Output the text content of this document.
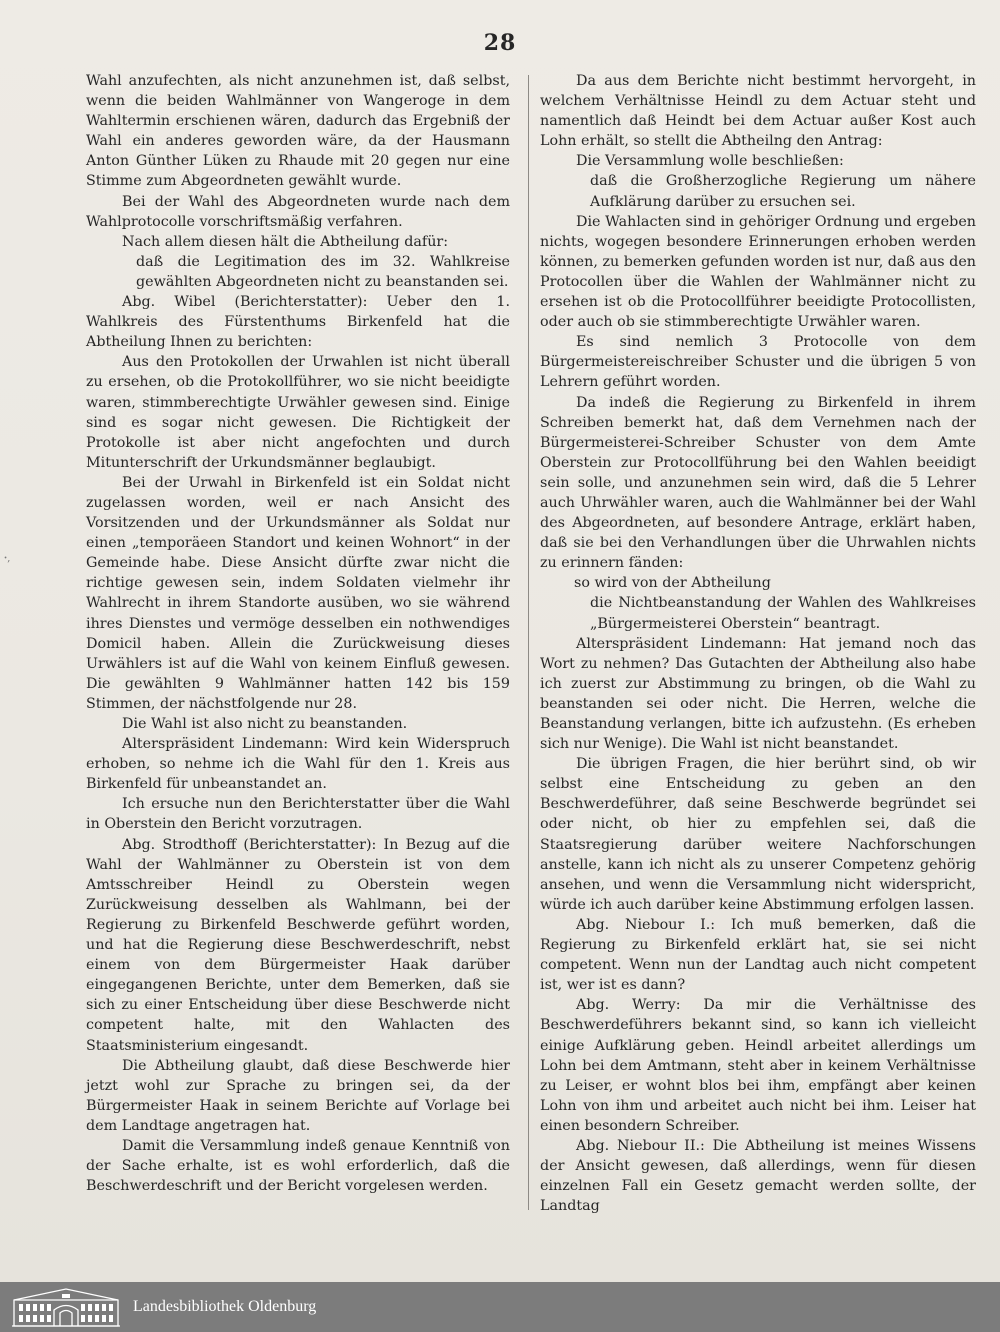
28

Wahl anzufechten, als nicht anzunehmen ist, daß selbst, wenn die beiden Wahlmänner von Wangeroge in dem Wahltermin erschienen wären, dadurch das Ergebniß der Wahl ein anderes geworden wäre, da der Hausmann Anton Günther Lüken zu Rhaude mit 20 gegen nur eine Stimme zum Abgeordneten gewählt wurde.

Bei der Wahl des Abgeordneten wurde nach dem Wahlprotocolle vorschriftsmäßig verfahren.

Nach allem diesen hält die Abtheilung dafür:

daß die Legitimation des im 32. Wahlkreise gewählten Abgeordneten nicht zu beanstanden sei.

Abg. Wibel (Berichterstatter): Ueber den 1. Wahlkreis des Fürstenthums Birkenfeld hat die Abtheilung Ihnen zu berichten:

Aus den Protokollen der Urwahlen ist nicht überall zu ersehen, ob die Protokollführer, wo sie nicht beeidigte waren, stimmberechtigte Urwähler gewesen sind. Einige sind es sogar nicht gewesen. Die Richtigkeit der Protokolle ist aber nicht angefochten und durch Mitunterschrift der Urkundsmänner beglaubigt.

Bei der Urwahl in Birkenfeld ist ein Soldat nicht zugelassen worden, weil er nach Ansicht des Vorsitzenden und der Urkundsmänner als Soldat nur einen „temporäeen Standort und keinen Wohnort“ in der Gemeinde habe. Diese Ansicht dürfte zwar nicht die richtige gewesen sein, indem Soldaten vielmehr ihr Wahlrecht in ihrem Standorte ausüben, wo sie während ihres Dienstes und vermöge desselben ein nothwendiges Domicil haben. Allein die Zurückweisung dieses Urwählers ist auf die Wahl von keinem Einfluß gewesen. Die gewählten 9 Wahlmänner hatten 142 bis 159 Stimmen, der nächstfolgende nur 28.

Die Wahl ist also nicht zu beanstanden.

Alterspräsident Lindemann: Wird kein Widerspruch erhoben, so nehme ich die Wahl für den 1. Kreis aus Birkenfeld für unbeanstandet an.

Ich ersuche nun den Berichterstatter über die Wahl in Oberstein den Bericht vorzutragen.

Abg. Strodthoff (Berichterstatter): In Bezug auf die Wahl der Wahlmänner zu Oberstein ist von dem Amtsschreiber Heindl zu Oberstein wegen Zurückweisung desselben als Wahlmann, bei der Regierung zu Birkenfeld Beschwerde geführt worden, und hat die Regierung diese Beschwerdeschrift, nebst einem von dem Bürgermeister Haak darüber eingegangenen Berichte, unter dem Bemerken, daß sie sich zu einer Entscheidung über diese Beschwerde nicht competent halte, mit den Wahlacten des Staatsministerium eingesandt.

Die Abtheilung glaubt, daß diese Beschwerde hier jetzt wohl zur Sprache zu bringen sei, da der Bürgermeister Haak in seinem Berichte auf Vorlage bei dem Landtage angetragen hat.

Damit die Versammlung indeß genaue Kenntniß von der Sache erhalte, ist es wohl erforderlich, daß die Beschwerdeschrift und der Bericht vorgelesen werden.

Da aus dem Berichte nicht bestimmt hervorgeht, in welchem Verhältnisse Heindl zu dem Actuar steht und namentlich daß Heindt bei dem Actuar außer Kost auch Lohn erhält, so stellt die Abtheilng den Antrag:

Die Versammlung wolle beschließen:

daß die Großherzogliche Regierung um nähere Aufklärung darüber zu ersuchen sei.

Die Wahlacten sind in gehöriger Ordnung und ergeben nichts, wogegen besondere Erinnerungen erhoben werden können, zu bemerken gefunden worden ist nur, daß aus den Protocollen über die Wahlen der Wahlmänner nicht zu ersehen ist ob die Protocollführer beeidigte Protocollisten, oder auch ob sie stimmberechtigte Urwähler waren.

Es sind nemlich 3 Protocolle von dem Bürgermeistereischreiber Schuster und die übrigen 5 von Lehrern geführt worden.

Da indeß die Regierung zu Birkenfeld in ihrem Schreiben bemerkt hat, daß dem Vernehmen nach der Bürgermeisterei-Schreiber Schuster von dem Amte Oberstein zur Protocollführung bei den Wahlen beeidigt sein solle, und anzunehmen sein wird, daß die 5 Lehrer auch Uhrwähler waren, auch die Wahlmänner bei der Wahl des Abgeordneten, auf besondere Antrage, erklärt haben, daß sie bei den Verhandlungen über die Uhrwahlen nichts zu erinnern fänden:

so wird von der Abtheilung

die Nichtbeanstandung der Wahlen des Wahlkreises „Bürgermeisterei Oberstein“ beantragt.

Alterspräsident Lindemann: Hat jemand noch das Wort zu nehmen? Das Gutachten der Abtheilung also habe ich zuerst zur Abstimmung zu bringen, ob die Wahl zu beanstanden sei oder nicht. Die Herren, welche die Beanstandung verlangen, bitte ich aufzustehn. (Es erheben sich nur Wenige). Die Wahl ist nicht beanstandet.

Die übrigen Fragen, die hier berührt sind, ob wir selbst eine Entscheidung zu geben an den Beschwerdeführer, daß seine Beschwerde begründet sei oder nicht, ob hier zu empfehlen sei, daß die Staatsregierung darüber weitere Nachforschungen anstelle, kann ich nicht als zu unserer Competenz gehörig ansehen, und wenn die Versammlung nicht widerspricht, würde ich auch darüber keine Abstimmung erfolgen lassen.

Abg. Niebour I.: Ich muß bemerken, daß die Regierung zu Birkenfeld erklärt hat, sie sei nicht competent. Wenn nun der Landtag auch nicht competent ist, wer ist es dann?

Abg. Werry: Da mir die Verhältnisse des Beschwerdeführers bekannt sind, so kann ich vielleicht einige Aufklärung geben. Heindl arbeitet allerdings um Lohn bei dem Amtmann, steht aber in keinem Verhältnisse zu Leiser, er wohnt blos bei ihm, empfängt aber keinen Lohn von ihm und arbeitet auch nicht bei ihm. Leiser hat einen besondern Schreiber.

Abg. Niebour II.: Die Abtheilung ist meines Wissens der Ansicht gewesen, daß allerdings, wenn für diesen einzelnen Fall ein Gesetz gemacht werden sollte, der Landtag

ꞏ‚
Landesbibliothek Oldenburg
